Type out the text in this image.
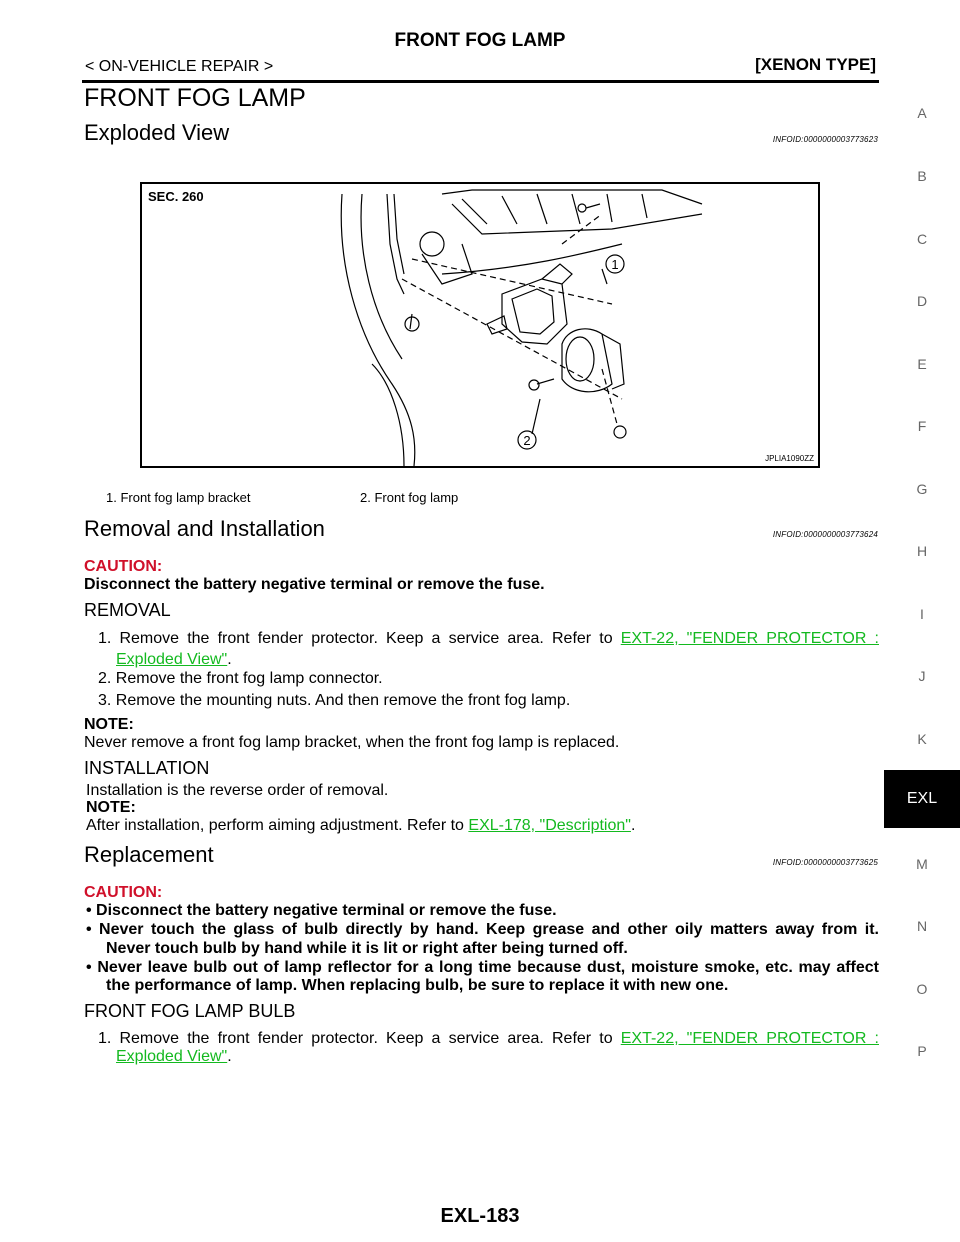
FRONT FOG LAMP
< ON-VEHICLE REPAIR >	[XENON TYPE]
FRONT FOG LAMP
Exploded View	INFOID:0000000003773623
SEC. 260
1
2
JPLIA1090ZZ
1. Front fog lamp bracket	2. Front fog lamp
Removal and Installation	INFOID:0000000003773624
CAUTION:
Disconnect the battery negative terminal or remove the fuse.
REMOVAL
1. Remove the front fender protector. Keep a service area. Refer to EXT-22, "FENDER PROTECTOR :
Exploded View".
2. Remove the front fog lamp connector.
3. Remove the mounting nuts. And then remove the front fog lamp.
NOTE:
Never remove a front fog lamp bracket, when the front fog lamp is replaced.
INSTALLATION
Installation is the reverse order of removal.
NOTE:
After installation, perform aiming adjustment. Refer to EXL-178, "Description".
Replacement	INFOID:0000000003773625
CAUTION:
• Disconnect the battery negative terminal or remove the fuse.
• Never touch the glass of bulb directly by hand. Keep grease and other oily matters away from it.
Never touch bulb by hand while it is lit or right after being turned off.
• Never leave bulb out of lamp reflector for a long time because dust, moisture smoke, etc. may affect
the performance of lamp. When replacing bulb, be sure to replace it with new one.
FRONT FOG LAMP BULB
1. Remove the front fender protector. Keep a service area. Refer to EXT-22, "FENDER PROTECTOR :
Exploded View".
A
B
C
D
E
F
G
H
I
J
K
EXL
M
N
O
P
EXL-183
